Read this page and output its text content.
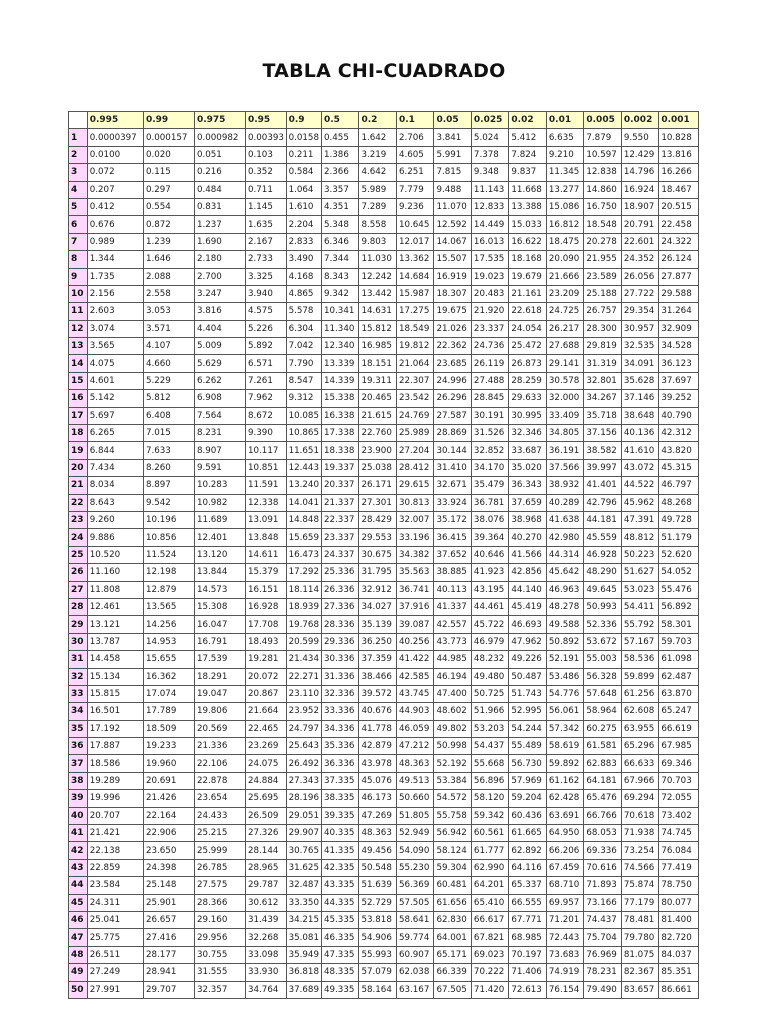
TABLA CHI-CUADRADO
	0.995	0.99	0.975	0.95	0.9	0.5	0.2	0.1	0.05	0.025	0.02	0.01	0.005	0.002	0.001
1	0.0000397	0.000157	0.000982	0.00393	0.0158	0.455	1.642	2.706	3.841	5.024	5.412	6.635	7.879	9.550	10.828
2	0.0100	0.020	0.051	0.103	0.211	1.386	3.219	4.605	5.991	7.378	7.824	9.210	10.597	12.429	13.816
3	0.072	0.115	0.216	0.352	0.584	2.366	4.642	6.251	7.815	9.348	9.837	11.345	12.838	14.796	16.266
4	0.207	0.297	0.484	0.711	1.064	3.357	5.989	7.779	9.488	11.143	11.668	13.277	14.860	16.924	18.467
5	0.412	0.554	0.831	1.145	1.610	4.351	7.289	9.236	11.070	12.833	13.388	15.086	16.750	18.907	20.515
6	0.676	0.872	1.237	1.635	2.204	5.348	8.558	10.645	12.592	14.449	15.033	16.812	18.548	20.791	22.458
7	0.989	1.239	1.690	2.167	2.833	6.346	9.803	12.017	14.067	16.013	16.622	18.475	20.278	22.601	24.322
8	1.344	1.646	2.180	2.733	3.490	7.344	11.030	13.362	15.507	17.535	18.168	20.090	21.955	24.352	26.124
9	1.735	2.088	2.700	3.325	4.168	8.343	12.242	14.684	16.919	19.023	19.679	21.666	23.589	26.056	27.877
10	2.156	2.558	3.247	3.940	4.865	9.342	13.442	15.987	18.307	20.483	21.161	23.209	25.188	27.722	29.588
11	2.603	3.053	3.816	4.575	5.578	10.341	14.631	17.275	19.675	21.920	22.618	24.725	26.757	29.354	31.264
12	3.074	3.571	4.404	5.226	6.304	11.340	15.812	18.549	21.026	23.337	24.054	26.217	28.300	30.957	32.909
13	3.565	4.107	5.009	5.892	7.042	12.340	16.985	19.812	22.362	24.736	25.472	27.688	29.819	32.535	34.528
14	4.075	4.660	5.629	6.571	7.790	13.339	18.151	21.064	23.685	26.119	26.873	29.141	31.319	34.091	36.123
15	4.601	5.229	6.262	7.261	8.547	14.339	19.311	22.307	24.996	27.488	28.259	30.578	32.801	35.628	37.697
16	5.142	5.812	6.908	7.962	9.312	15.338	20.465	23.542	26.296	28.845	29.633	32.000	34.267	37.146	39.252
17	5.697	6.408	7.564	8.672	10.085	16.338	21.615	24.769	27.587	30.191	30.995	33.409	35.718	38.648	40.790
18	6.265	7.015	8.231	9.390	10.865	17.338	22.760	25.989	28.869	31.526	32.346	34.805	37.156	40.136	42.312
19	6.844	7.633	8.907	10.117	11.651	18.338	23.900	27.204	30.144	32.852	33.687	36.191	38.582	41.610	43.820
20	7.434	8.260	9.591	10.851	12.443	19.337	25.038	28.412	31.410	34.170	35.020	37.566	39.997	43.072	45.315
21	8.034	8.897	10.283	11.591	13.240	20.337	26.171	29.615	32.671	35.479	36.343	38.932	41.401	44.522	46.797
22	8.643	9.542	10.982	12.338	14.041	21.337	27.301	30.813	33.924	36.781	37.659	40.289	42.796	45.962	48.268
23	9.260	10.196	11.689	13.091	14.848	22.337	28.429	32.007	35.172	38.076	38.968	41.638	44.181	47.391	49.728
24	9.886	10.856	12.401	13.848	15.659	23.337	29.553	33.196	36.415	39.364	40.270	42.980	45.559	48.812	51.179
25	10.520	11.524	13.120	14.611	16.473	24.337	30.675	34.382	37.652	40.646	41.566	44.314	46.928	50.223	52.620
26	11.160	12.198	13.844	15.379	17.292	25.336	31.795	35.563	38.885	41.923	42.856	45.642	48.290	51.627	54.052
27	11.808	12.879	14.573	16.151	18.114	26.336	32.912	36.741	40.113	43.195	44.140	46.963	49.645	53.023	55.476
28	12.461	13.565	15.308	16.928	18.939	27.336	34.027	37.916	41.337	44.461	45.419	48.278	50.993	54.411	56.892
29	13.121	14.256	16.047	17.708	19.768	28.336	35.139	39.087	42.557	45.722	46.693	49.588	52.336	55.792	58.301
30	13.787	14.953	16.791	18.493	20.599	29.336	36.250	40.256	43.773	46.979	47.962	50.892	53.672	57.167	59.703
31	14.458	15.655	17.539	19.281	21.434	30.336	37.359	41.422	44.985	48.232	49.226	52.191	55.003	58.536	61.098
32	15.134	16.362	18.291	20.072	22.271	31.336	38.466	42.585	46.194	49.480	50.487	53.486	56.328	59.899	62.487
33	15.815	17.074	19.047	20.867	23.110	32.336	39.572	43.745	47.400	50.725	51.743	54.776	57.648	61.256	63.870
34	16.501	17.789	19.806	21.664	23.952	33.336	40.676	44.903	48.602	51.966	52.995	56.061	58.964	62.608	65.247
35	17.192	18.509	20.569	22.465	24.797	34.336	41.778	46.059	49.802	53.203	54.244	57.342	60.275	63.955	66.619
36	17.887	19.233	21.336	23.269	25.643	35.336	42.879	47.212	50.998	54.437	55.489	58.619	61.581	65.296	67.985
37	18.586	19.960	22.106	24.075	26.492	36.336	43.978	48.363	52.192	55.668	56.730	59.892	62.883	66.633	69.346
38	19.289	20.691	22.878	24.884	27.343	37.335	45.076	49.513	53.384	56.896	57.969	61.162	64.181	67.966	70.703
39	19.996	21.426	23.654	25.695	28.196	38.335	46.173	50.660	54.572	58.120	59.204	62.428	65.476	69.294	72.055
40	20.707	22.164	24.433	26.509	29.051	39.335	47.269	51.805	55.758	59.342	60.436	63.691	66.766	70.618	73.402
41	21.421	22.906	25.215	27.326	29.907	40.335	48.363	52.949	56.942	60.561	61.665	64.950	68.053	71.938	74.745
42	22.138	23.650	25.999	28.144	30.765	41.335	49.456	54.090	58.124	61.777	62.892	66.206	69.336	73.254	76.084
43	22.859	24.398	26.785	28.965	31.625	42.335	50.548	55.230	59.304	62.990	64.116	67.459	70.616	74.566	77.419
44	23.584	25.148	27.575	29.787	32.487	43.335	51.639	56.369	60.481	64.201	65.337	68.710	71.893	75.874	78.750
45	24.311	25.901	28.366	30.612	33.350	44.335	52.729	57.505	61.656	65.410	66.555	69.957	73.166	77.179	80.077
46	25.041	26.657	29.160	31.439	34.215	45.335	53.818	58.641	62.830	66.617	67.771	71.201	74.437	78.481	81.400
47	25.775	27.416	29.956	32.268	35.081	46.335	54.906	59.774	64.001	67.821	68.985	72.443	75.704	79.780	82.720
48	26.511	28.177	30.755	33.098	35.949	47.335	55.993	60.907	65.171	69.023	70.197	73.683	76.969	81.075	84.037
49	27.249	28.941	31.555	33.930	36.818	48.335	57.079	62.038	66.339	70.222	71.406	74.919	78.231	82.367	85.351
50	27.991	29.707	32.357	34.764	37.689	49.335	58.164	63.167	67.505	71.420	72.613	76.154	79.490	83.657	86.661
